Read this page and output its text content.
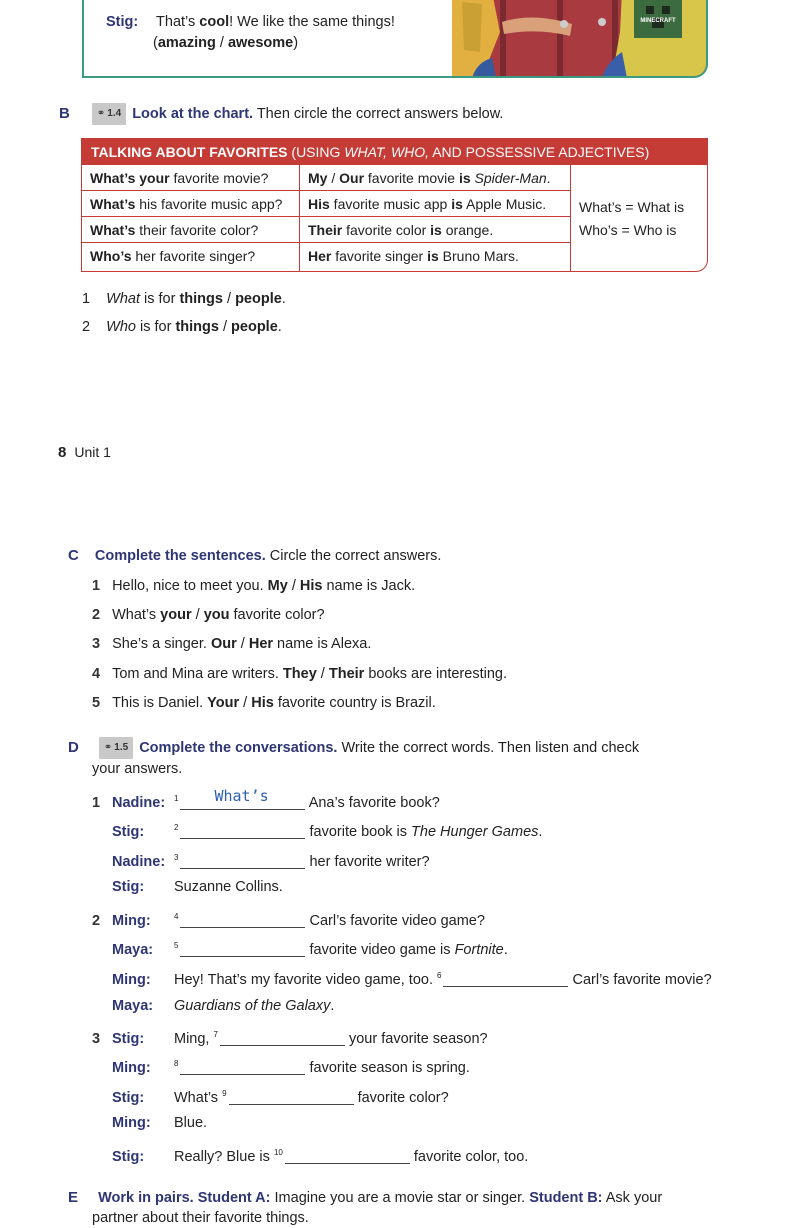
Stig: That’s cool! We like the same things!
(amazing / awesome)
MINECRAFT
B	⚭ 1.4 Look at the chart. Then circle the correct answers below.
TALKING ABOUT FAVORITES (USING WHAT, WHO, AND POSSESSIVE ADJECTIVES)
What’s your favorite movie?	My / Our favorite movie is Spider-Man.
What’s his favorite music app?	His favorite music app is Apple Music.
What’s their favorite color?	Their favorite color is orange.
Who’s her favorite singer?	Her favorite singer is Bruno Mars.
What’s = What is
Who’s = Who is
1 What is for things / people.
2 Who is for things / people.
8 Unit 1
C Complete the sentences. Circle the correct answers.
1 Hello, nice to meet you. My / His name is Jack.
2 What’s your / you favorite color?
3 She’s a singer. Our / Her name is Alexa.
4 Tom and Mina are writers. They / Their books are interesting.
5 This is Daniel. Your / His favorite country is Brazil.
D	⚭ 1.5 Complete the conversations. Write the correct words. Then listen and check
your answers.
1 Nadine: $^1$ What’s	Ana’s favorite book?
Stig:	$^2$	favorite book is The Hunger Games.
Nadine: $^3$	her favorite writer?
Stig: Suzanne Collins.
2 Ming:	$^4$	Carl’s favorite video game?
Maya:	$^5$	favorite video game is Fortnite.
Ming: Hey! That’s my favorite video game, too. $^6$	Carl’s favorite movie?
Maya: Guardians of the Galaxy.
3 Stig: Ming, $^7$	your favorite season?
Ming:	$^8$	favorite season is spring.
Stig: What’s $^9$	favorite color?
Ming: Blue.
Stig: Really? Blue is $^{10}$	favorite color, too.
E Work in pairs. Student A: Imagine you are a movie star or singer. Student B: Ask your
partner about their favorite things.
